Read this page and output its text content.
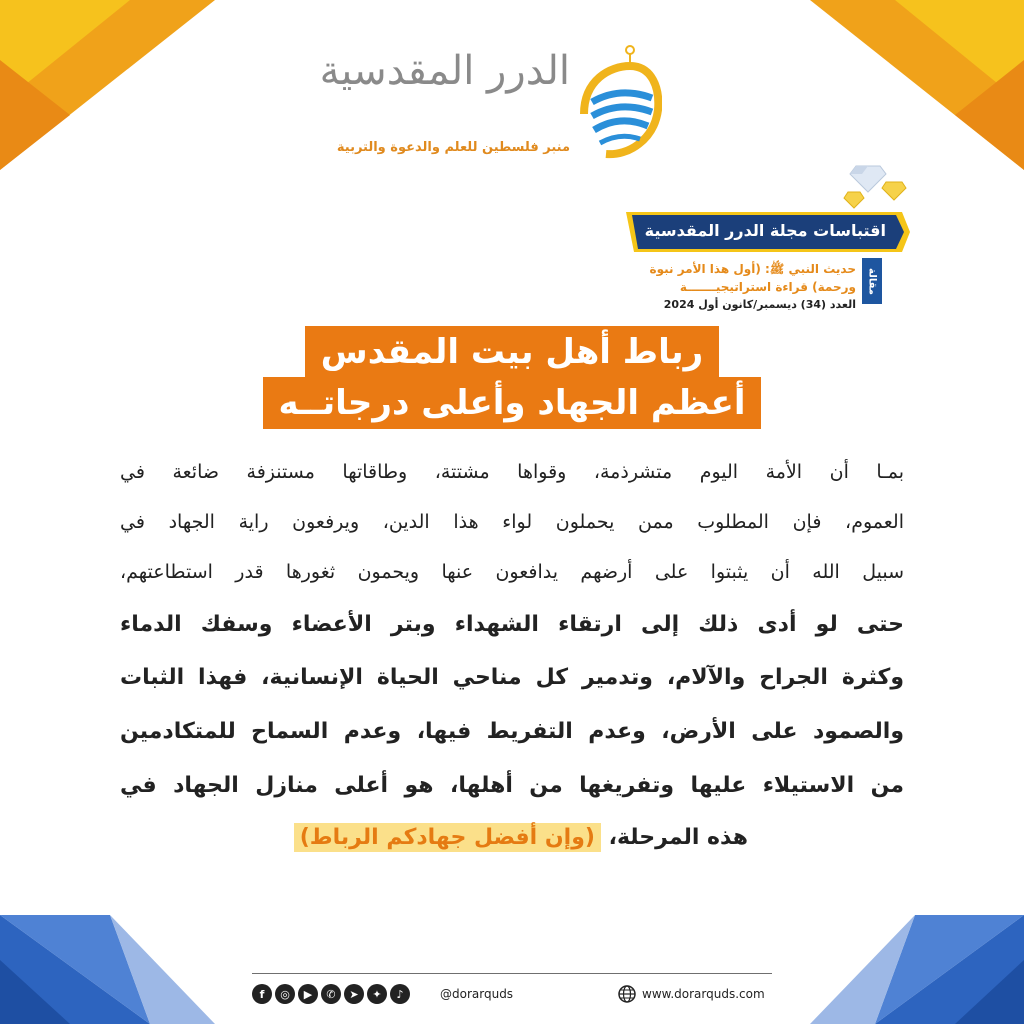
الدرر المقدسية
منبر فلسطين للعلم والدعوة والتربية
اقتباسات مجلة الدرر المقدسية
مقالة
حديث النبي ﷺ: (أول هذا الأمر نبوة ورحمة) قراءة استراتيجيـــــــة
العدد (34) ديسمبر/كانون أول 2024
رباط أهل بيت المقدس
أعظم الجهاد وأعلى درجاتــه
بمـا أن الأمة اليوم متشرذمة، وقواها مشتتة، وطاقاتها مستنزفة ضائعة في
العموم، فإن المطلوب ممن يحملون لواء هذا الدين، ويرفعون راية الجهاد في
سبيل الله أن يثبتوا على أرضهم يدافعون عنها ويحمون ثغورها قدر استطاعتهم،
حتى لو أدى ذلك إلى ارتقاء الشهداء وبتر الأعضاء وسفك الدماء
وكثرة الجراح والآلام، وتدمير كل مناحي الحياة الإنسانية، فهذا الثبات
والصمود على الأرض، وعدم التفريط فيها، وعدم السماح للمتكادمين
من الاستيلاء عليها وتفريغها من أهلها، هو أعلى منازل الجهاد في
هذه المرحلة، (وإن أفضل جهادكم الرباط)
f	◎	▶	✆	➤	✦	♪	@dorarquds	www.dorarquds.com
